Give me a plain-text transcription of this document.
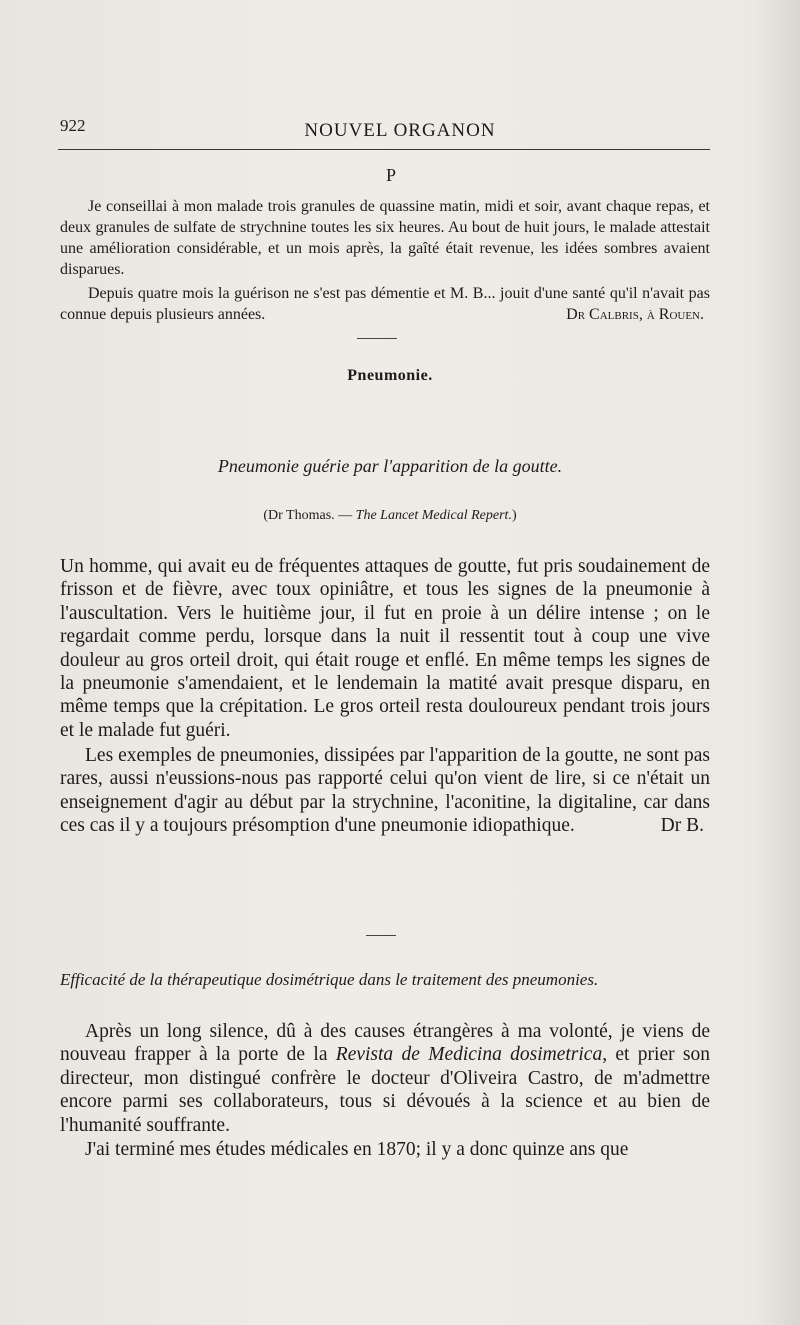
922	NOUVEL ORGANON
P

Je conseillai à mon malade trois granules de quassine matin, midi et soir, avant chaque repas, et deux granules de sulfate de strychnine toutes les six heures. Au bout de huit jours, le malade attestait une amélioration considérable, et un mois après, la gaîté était revenue, les idées sombres avaient disparues.

Depuis quatre mois la guérison ne s'est pas démentie et M. B... jouit d'une santé qu'il n'avait pas connue depuis plusieurs années.	Dr Calbris, à Rouen.

Pneumonie.
Pneumonie guérie par l'apparition de la goutte.
(Dr Thomas. — The Lancet Medical Repert.)

Un homme, qui avait eu de fréquentes attaques de goutte, fut pris soudainement de frisson et de fièvre, avec toux opiniâtre, et tous les signes de la pneumonie à l'auscultation. Vers le huitième jour, il fut en proie à un délire intense ; on le regardait comme perdu, lorsque dans la nuit il ressentit tout à coup une vive douleur au gros orteil droit, qui était rouge et enflé. En même temps les signes de la pneumonie s'amendaient, et le lendemain la matité avait presque disparu, en même temps que la crépitation. Le gros orteil resta douloureux pendant trois jours et le malade fut guéri.

Les exemples de pneumonies, dissipées par l'apparition de la goutte, ne sont pas rares, aussi n'eussions-nous pas rapporté celui qu'on vient de lire, si ce n'était un enseignement d'agir au début par la strychnine, l'aconitine, la digitaline, car dans ces cas il y a toujours présomption d'une pneumonie idiopathique.	Dr B.

Efficacité de la thérapeutique dosimétrique dans le traitement des pneumonies.

Après un long silence, dû à des causes étrangères à ma volonté, je viens de nouveau frapper à la porte de la Revista de Medicina dosimetrica, et prier son directeur, mon distingué confrère le docteur d'Oliveira Castro, de m'admettre encore parmi ses collaborateurs, tous si dévoués à la science et au bien de l'humanité souffrante.

J'ai terminé mes études médicales en 1870; il y a donc quinze ans que
